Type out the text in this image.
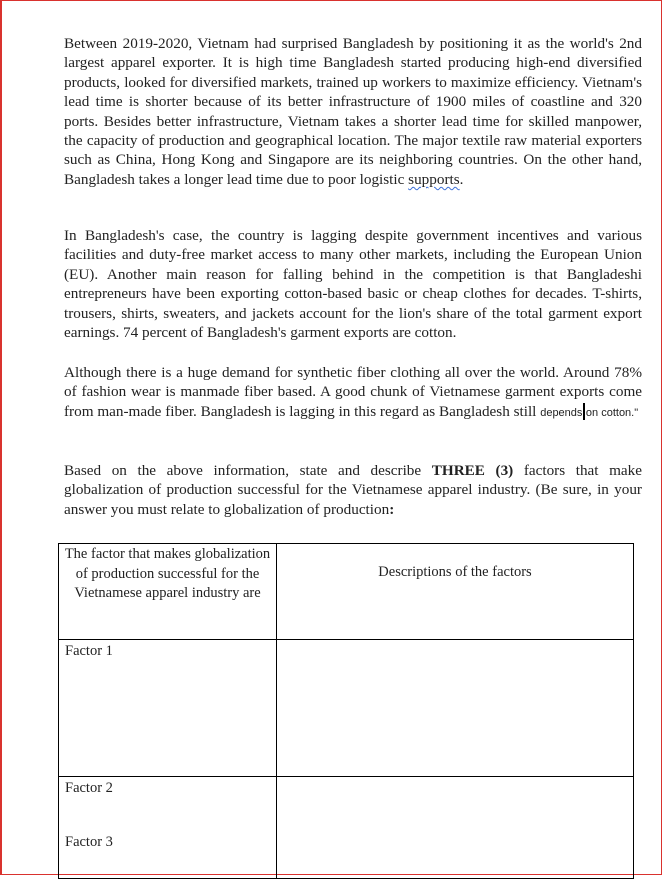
Between 2019-2020, Vietnam had surprised Bangladesh by positioning it as the world's 2nd largest apparel exporter. It is high time Bangladesh started producing high-end diversified products, looked for diversified markets, trained up workers to maximize efficiency. Vietnam's lead time is shorter because of its better infrastructure of 1900 miles of coastline and 320 ports. Besides better infrastructure, Vietnam takes a shorter lead time for skilled manpower, the capacity of production and geographical location. The major textile raw material exporters such as China, Hong Kong and Singapore are its neighboring countries. On the other hand, Bangladesh takes a longer lead time due to poor logistic supports.

In Bangladesh's case, the country is lagging despite government incentives and various facilities and duty-free market access to many other markets, including the European Union (EU). Another main reason for falling behind in the competition is that Bangladeshi entrepreneurs have been exporting cotton-based basic or cheap clothes for decades. T-shirts, trousers, shirts, sweaters, and jackets account for the lion's share of the total garment export earnings. 74 percent of Bangladesh's garment exports are cotton.

Although there is a huge demand for synthetic fiber clothing all over the world. Around 78% of fashion wear is manmade fiber based. A good chunk of Vietnamese garment exports come from man-made fiber. Bangladesh is lagging in this regard as Bangladesh still depends on cotton."

Based on the above information, state and describe THREE (3) factors that make globalization of production successful for the Vietnamese apparel industry. (Be sure, in your answer you must relate to globalization of production:

The factor that makes globalization of production successful for the Vietnamese apparel industry are	Descriptions of the factors
Factor 1	
Factor 2
Factor 3	
